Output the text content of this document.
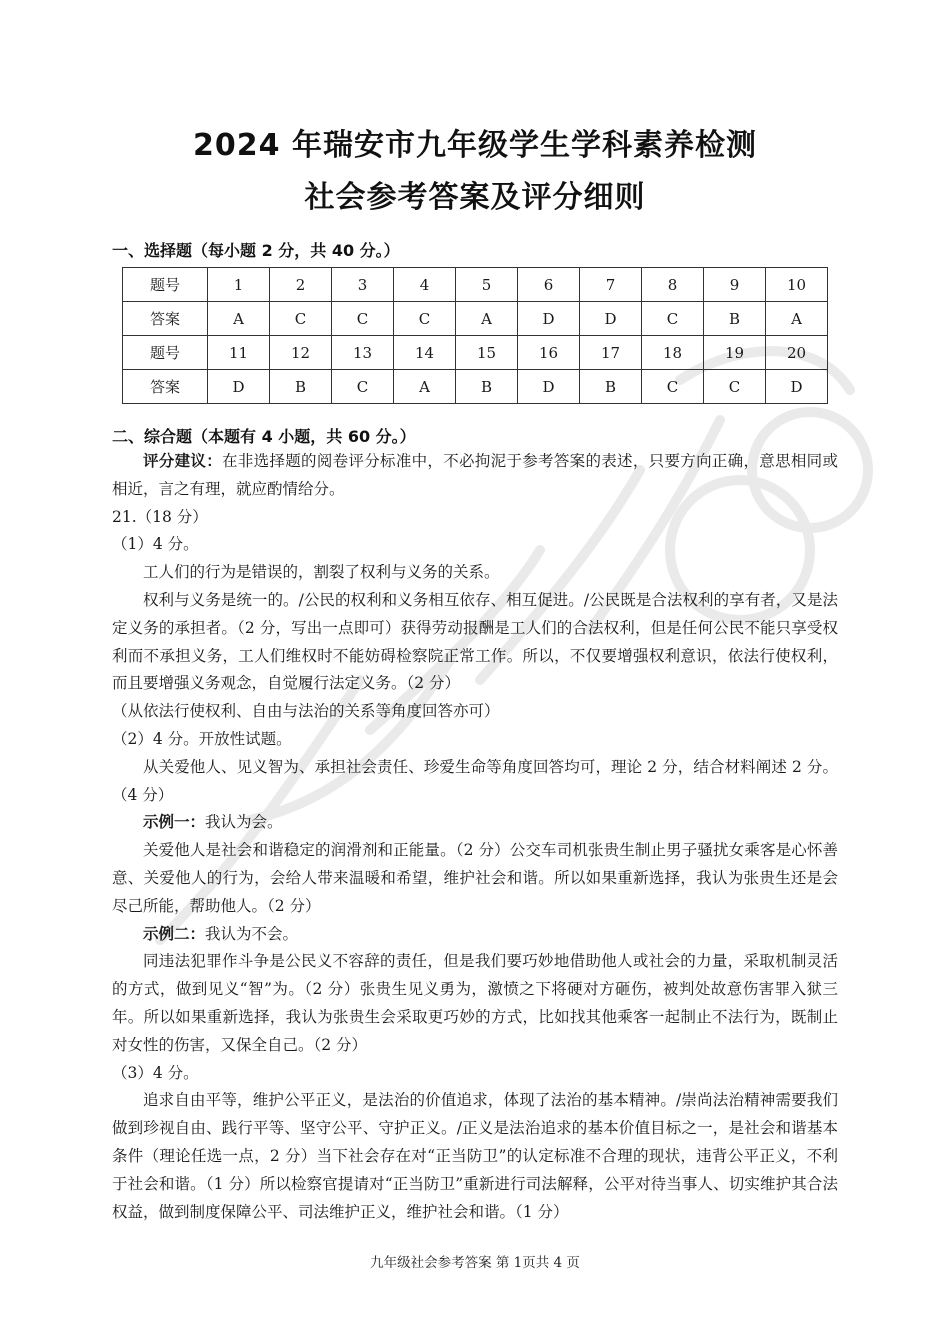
2024 年瑞安市九年级学生学科素养检测
社会参考答案及评分细则
一、选择题（每小题 2 分，共 40 分。）
题号	1	2	3	4	5	6	7	8	9	10
答案	A	C	C	C	A	D	D	C	B	A
题号	11	12	13	14	15	16	17	18	19	20
答案	D	B	C	A	B	D	B	C	C	D
二、综合题（本题有 4 小题，共 60 分。）

评分建议：在非选择题的阅卷评分标准中，不必拘泥于参考答案的表述，只要方向正确，意思相同或相近，言之有理，就应酌情给分。

21.（18 分）

（1）4 分。

工人们的行为是错误的，割裂了权利与义务的关系。

权利与义务是统一的。/公民的权利和义务相互依存、相互促进。/公民既是合法权利的享有者，又是法定义务的承担者。（2 分，写出一点即可）获得劳动报酬是工人们的合法权利，但是任何公民不能只享受权利而不承担义务，工人们维权时不能妨碍检察院正常工作。所以，不仅要增强权利意识，依法行使权利，而且要增强义务观念，自觉履行法定义务。（2 分）

（从依法行使权利、自由与法治的关系等角度回答亦可）

（2）4 分。开放性试题。

从关爱他人、见义智为、承担社会责任、珍爱生命等角度回答均可，理论 2 分，结合材料阐述 2 分。（4 分）

示例一：我认为会。

关爱他人是社会和谐稳定的润滑剂和正能量。（2 分）公交车司机张贵生制止男子骚扰女乘客是心怀善意、关爱他人的行为，会给人带来温暖和希望，维护社会和谐。所以如果重新选择，我认为张贵生还是会尽己所能，帮助他人。（2 分）

示例二：我认为不会。

同违法犯罪作斗争是公民义不容辞的责任，但是我们要巧妙地借助他人或社会的力量，采取机制灵活的方式，做到见义“智”为。（2 分）张贵生见义勇为，激愤之下将硬对方砸伤，被判处故意伤害罪入狱三年。所以如果重新选择，我认为张贵生会采取更巧妙的方式，比如找其他乘客一起制止不法行为，既制止对女性的伤害，又保全自己。（2 分）

（3）4 分。

追求自由平等，维护公平正义，是法治的价值追求，体现了法治的基本精神。/崇尚法治精神需要我们做到珍视自由、践行平等、坚守公平、守护正义。/正义是法治追求的基本价值目标之一，是社会和谐基本条件（理论任选一点，2 分）当下社会存在对“正当防卫”的认定标准不合理的现状，违背公平正义，不利于社会和谐。（1 分）所以检察官提请对“正当防卫”重新进行司法解释，公平对待当事人、切实维护其合法权益，做到制度保障公平、司法维护正义，维护社会和谐。（1 分）

九年级社会参考答案 第 1页共 4 页
